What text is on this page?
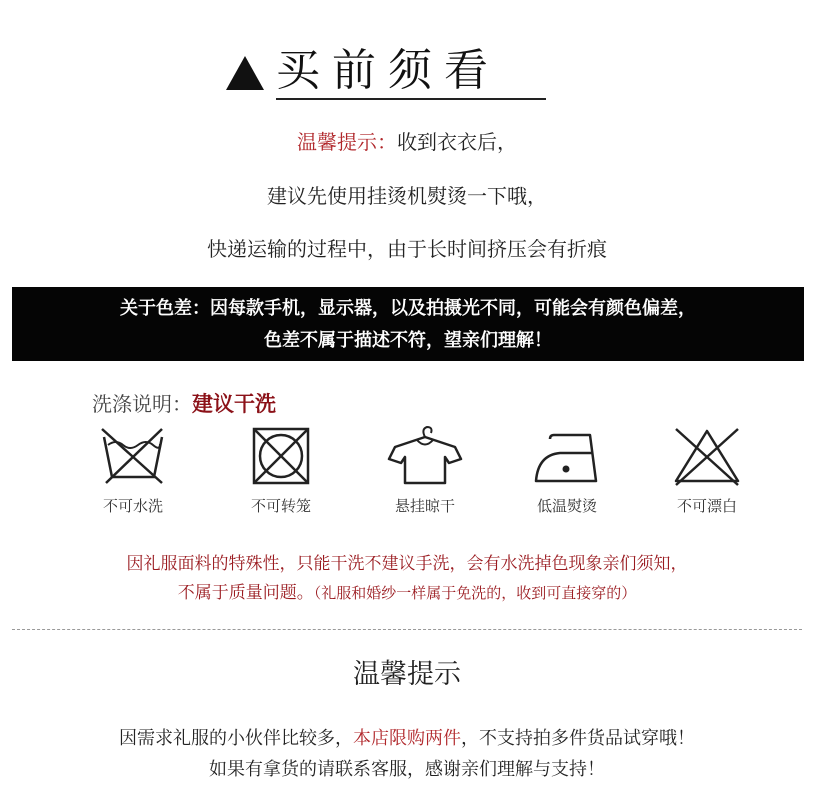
买前须看
温馨提示：收到衣衣后，
建议先使用挂烫机熨烫一下哦，
快递运输的过程中，由于长时间挤压会有折痕
关于色差：因每款手机，显示器，以及拍摄光不同，可能会有颜色偏差，
色差不属于描述不符，望亲们理解！
洗涤说明：建议干洗
不可水洗	不可转笼	悬挂晾干	低温熨烫	不可漂白
因礼服面料的特殊性，只能干洗不建议手洗，会有水洗掉色现象亲们须知，
不属于质量问题。（礼服和婚纱一样属于免洗的，收到可直接穿的）
温馨提示
因需求礼服的小伙伴比较多，本店限购两件，不支持拍多件货品试穿哦！
如果有拿货的请联系客服，感谢亲们理解与支持！
